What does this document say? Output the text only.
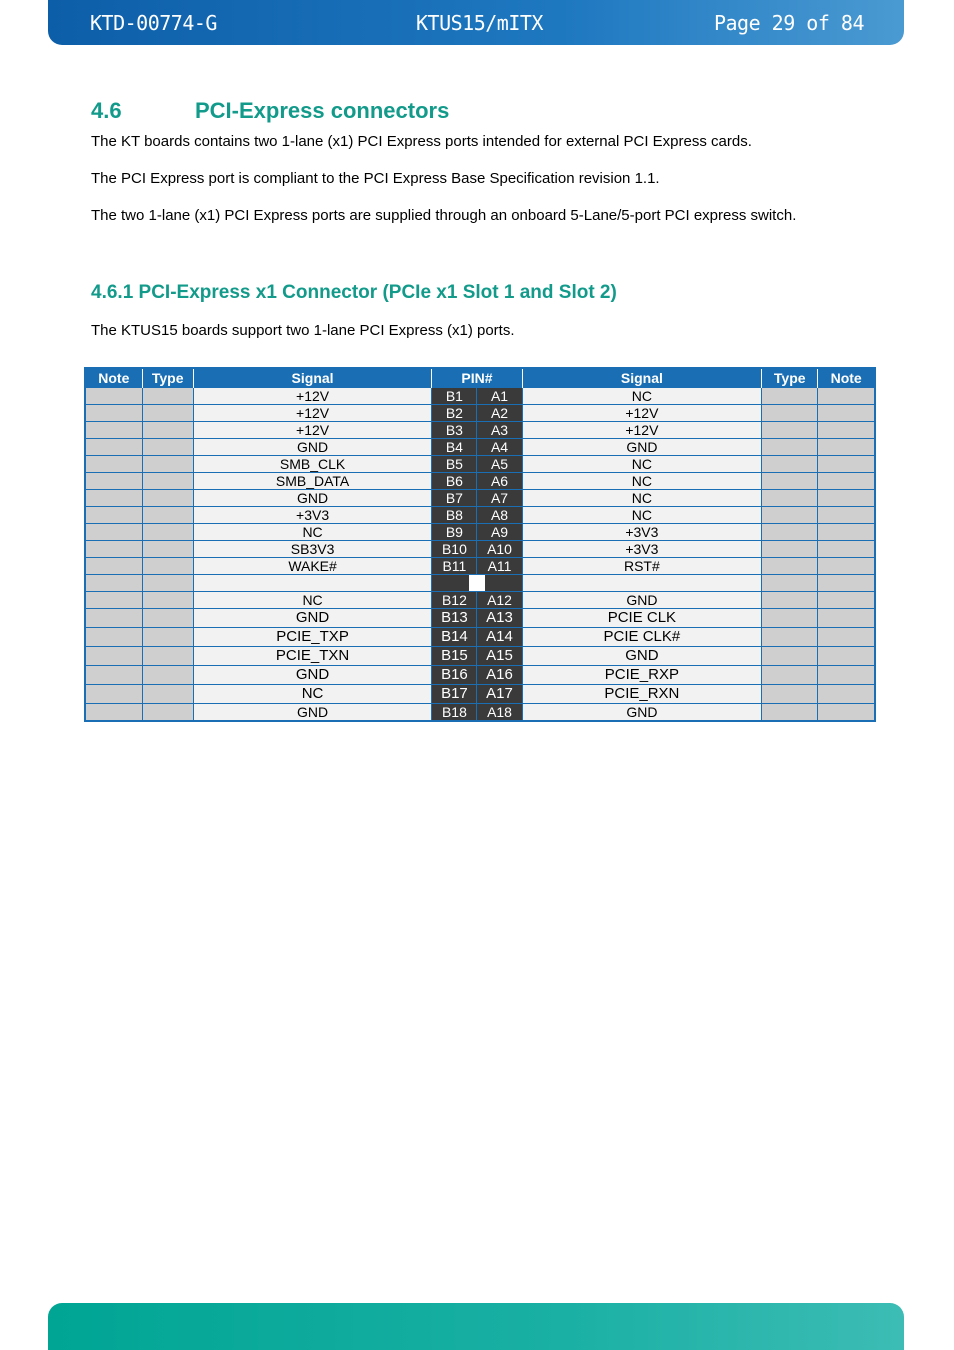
KTD-00774-G	KTUS15/mITX	Page 29 of 84
4.6	PCI-Express connectors

The KT boards contains two 1-lane (x1) PCI Express ports intended for external PCI Express cards.

The PCI Express port is compliant to the PCI Express Base Specification revision 1.1.

The two 1-lane (x1) PCI Express ports are supplied through an onboard 5-Lane/5-port PCI express switch.

4.6.1 PCI-Express x1 Connector (PCIe x1 Slot 1 and Slot 2)

The KTUS15 boards support two 1-lane PCI Express (x1) ports.

Note	Type	Signal	PIN#		Signal	Type	Note
		+12V	B1	A1	NC		
		+12V	B2	A2	+12V		
		+12V	B3	A3	+12V		
		GND	B4	A4	GND		
		SMB_CLK	B5	A5	NC		
		SMB_DATA	B6	A6	NC		
		GND	B7	A7	NC		
		+3V3	B8	A8	NC		
		NC	B9	A9	+3V3		
		SB3V3	B10	A10	+3V3		
		WAKE#	B11	A11	RST#		

		NC	B12	A12	GND		
		GND	B13	A13	PCIE CLK		
		PCIE_TXP	B14	A14	PCIE CLK#		
		PCIE_TXN	B15	A15	GND		
		GND	B16	A16	PCIE_RXP		
		NC	B17	A17	PCIE_RXN		
		GND	B18	A18	GND		
